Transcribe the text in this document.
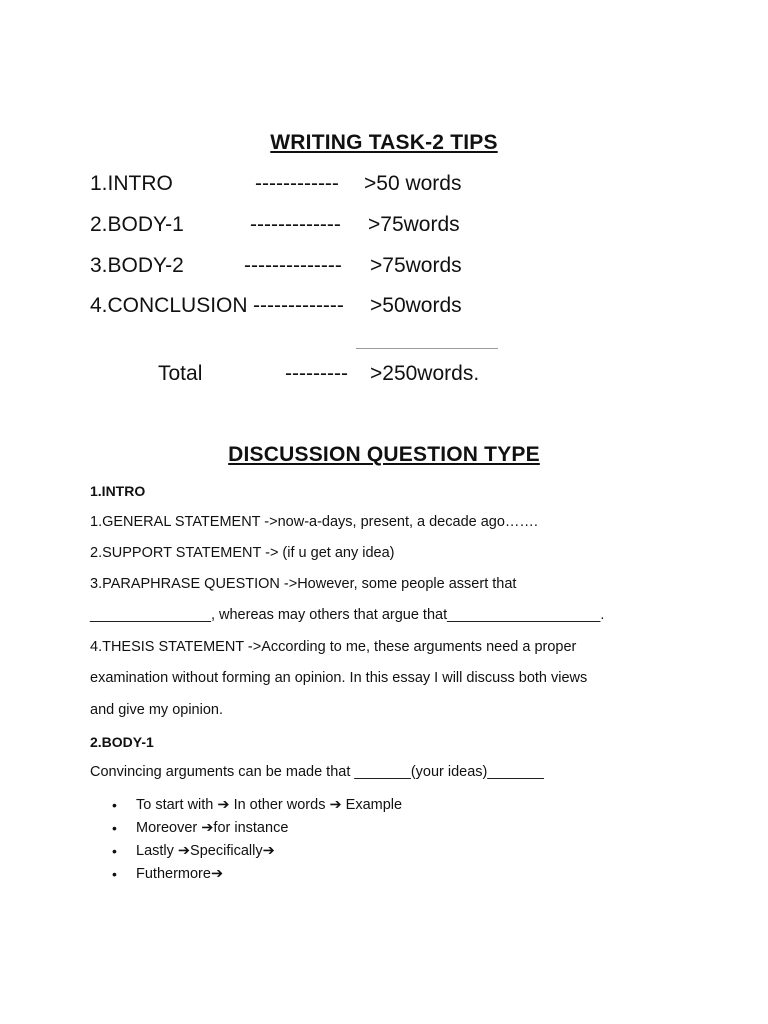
WRITING TASK-2 TIPS
1.INTRO	------------ >50 words
2.BODY-1	------------- >75words
3.BODY-2	-------------- >75words
4.CONCLUSION ------------- >50words
Total	--------- >250words.
DISCUSSION QUESTION TYPE
1.INTRO
1.GENERAL STATEMENT ->now-a-days, present, a decade ago…….
2.SUPPORT STATEMENT -> (if u get any idea)
3.PARAPHRASE QUESTION ->However, some people assert that
_______________, whereas may others that argue that___________________.
4.THESIS STATEMENT ->According to me, these arguments need a proper
examination without forming an opinion. In this essay I will discuss both views
and give my opinion.
2.BODY-1
Convincing arguments can be made that _______(your ideas)_______
• To start with ➔ In other words ➔ Example
• Moreover ➔for instance
• Lastly ➔Specifically➔
• Futhermore➔
